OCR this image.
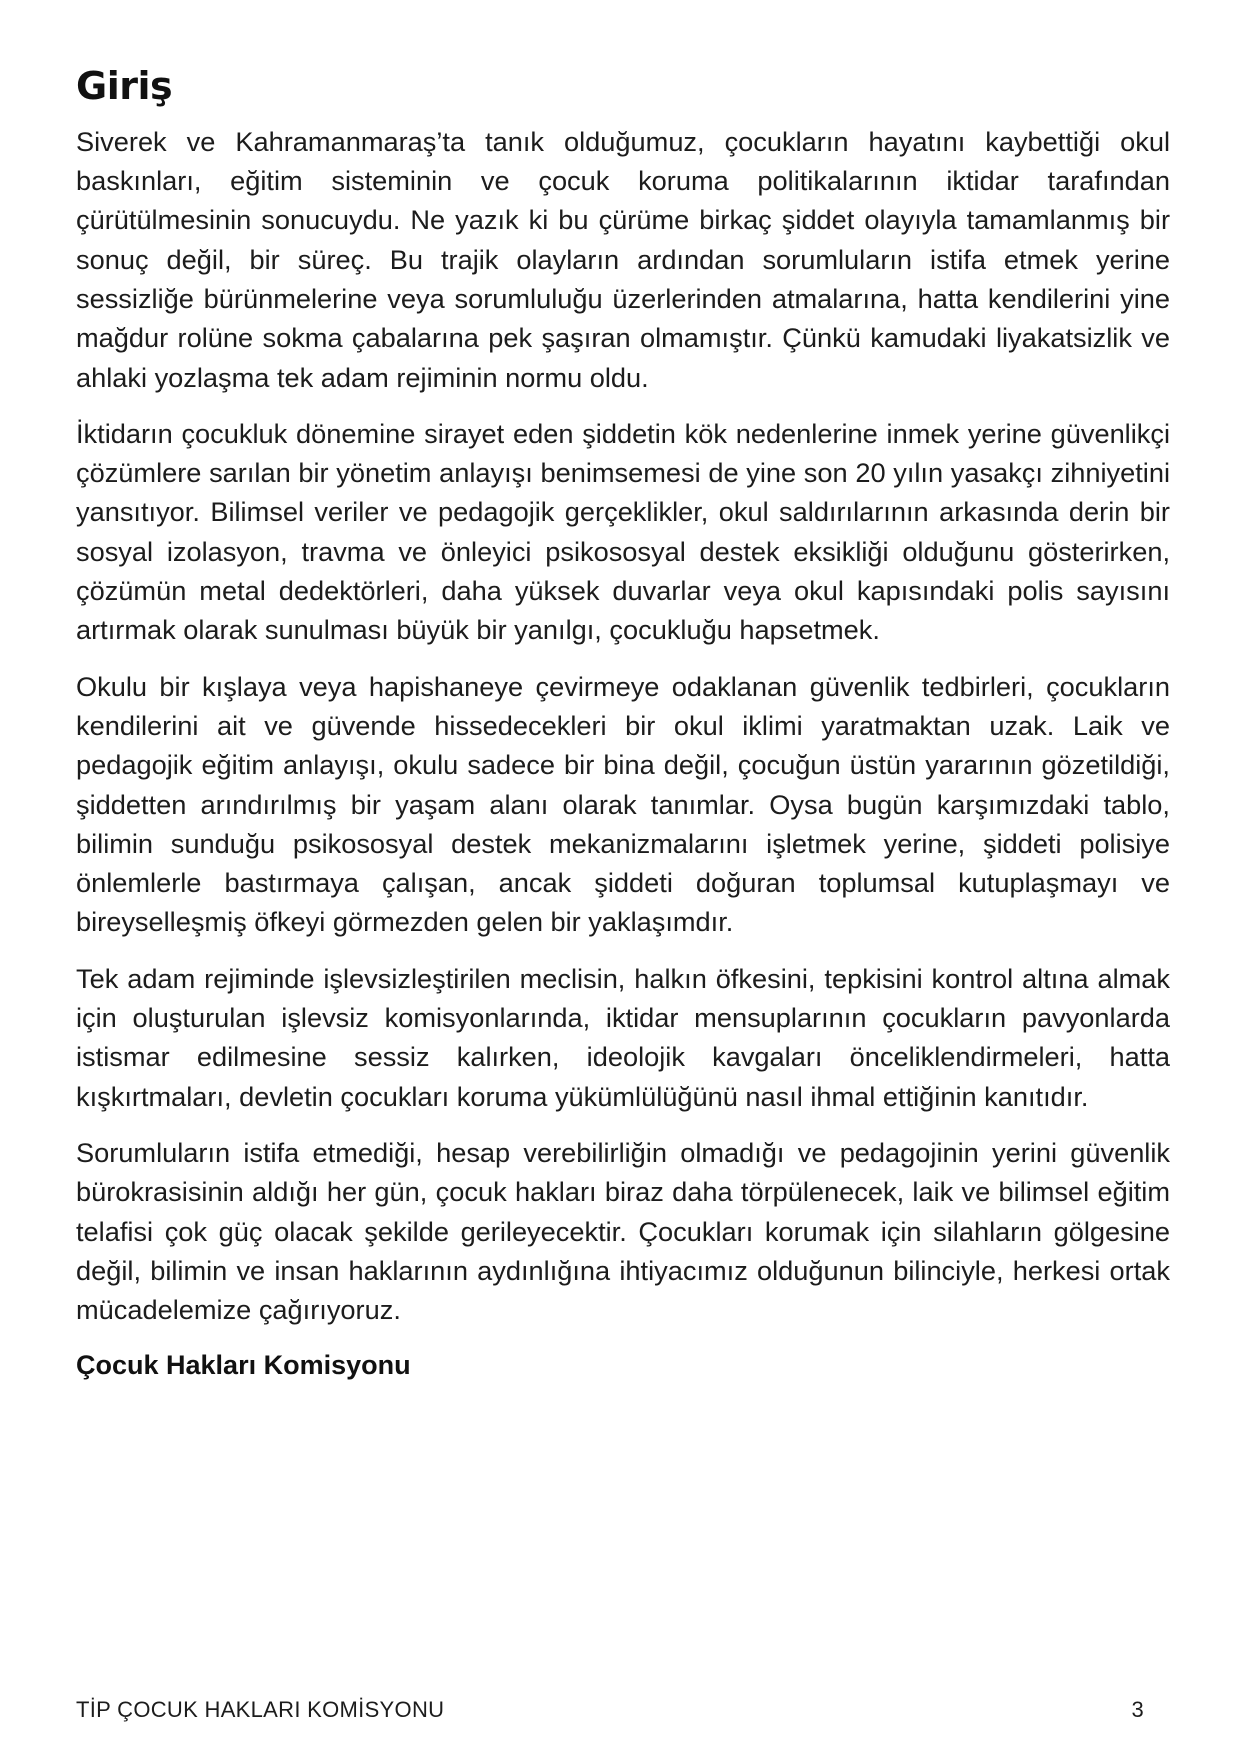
Giriş

Siverek ve Kahramanmaraş’ta tanık olduğumuz, çocukların hayatını kaybettiği okul baskınları, eğitim sisteminin ve çocuk koruma politikalarının iktidar tarafından çürütülmesinin sonucuydu. Ne yazık ki bu çürüme birkaç şiddet olayıyla tamamlanmış bir sonuç değil, bir süreç. Bu trajik olayların ardından sorumluların istifa etmek yerine sessizliğe bürünmelerine veya sorumluluğu üzerlerinden atmalarına, hatta kendilerini yine mağdur rolüne sokma çabalarına pek şaşıran olmamıştır. Çünkü kamudaki liyakatsizlik ve ahlaki yozlaşma tek adam rejiminin normu oldu.

İktidarın çocukluk dönemine sirayet eden şiddetin kök nedenlerine inmek yerine güvenlikçi çözümlere sarılan bir yönetim anlayışı benimsemesi de yine son 20 yılın yasakçı zihniyetini yansıtıyor. Bilimsel veriler ve pedagojik gerçeklikler, okul saldırılarının arkasında derin bir sosyal izolasyon, travma ve önleyici psikososyal destek eksikliği olduğunu gösterirken, çözümün metal dedektörleri, daha yüksek duvarlar veya okul kapısındaki polis sayısını artırmak olarak sunulması büyük bir yanılgı, çocukluğu hapsetmek.

Okulu bir kışlaya veya hapishaneye çevirmeye odaklanan güvenlik tedbirleri, çocukların kendilerini ait ve güvende hissedecekleri bir okul iklimi yaratmaktan uzak. Laik ve pedagojik eğitim anlayışı, okulu sadece bir bina değil, çocuğun üstün yararının gözetildiği, şiddetten arındırılmış bir yaşam alanı olarak tanımlar. Oysa bugün karşımızdaki tablo, bilimin sunduğu psikososyal destek mekanizmalarını işletmek yerine, şiddeti polisiye önlemlerle bastırmaya çalışan, ancak şiddeti doğuran toplumsal kutuplaşmayı ve bireyselleşmiş öfkeyi görmezden gelen bir yaklaşımdır.

Tek adam rejiminde işlevsizleştirilen meclisin, halkın öfkesini, tepkisini kontrol altına almak için oluşturulan işlevsiz komisyonlarında, iktidar mensuplarının çocukların pavyonlarda istismar edilmesine sessiz kalırken, ideolojik kavgaları önceliklendirmeleri, hatta kışkırtmaları, devletin çocukları koruma yükümlülüğünü nasıl ihmal ettiğinin kanıtıdır.

Sorumluların istifa etmediği, hesap verebilirliğin olmadığı ve pedagojinin yerini güvenlik bürokrasisinin aldığı her gün, çocuk hakları biraz daha törpülenecek, laik ve bilimsel eğitim telafisi çok güç olacak şekilde gerileyecektir. Çocukları korumak için silahların gölgesine değil, bilimin ve insan haklarının aydınlığına ihtiyacımız olduğunun bilinciyle, herkesi ortak mücadelemize çağırıyoruz.

Çocuk Hakları Komisyonu

TİP ÇOCUK HAKLARI KOMİSYONU	3
